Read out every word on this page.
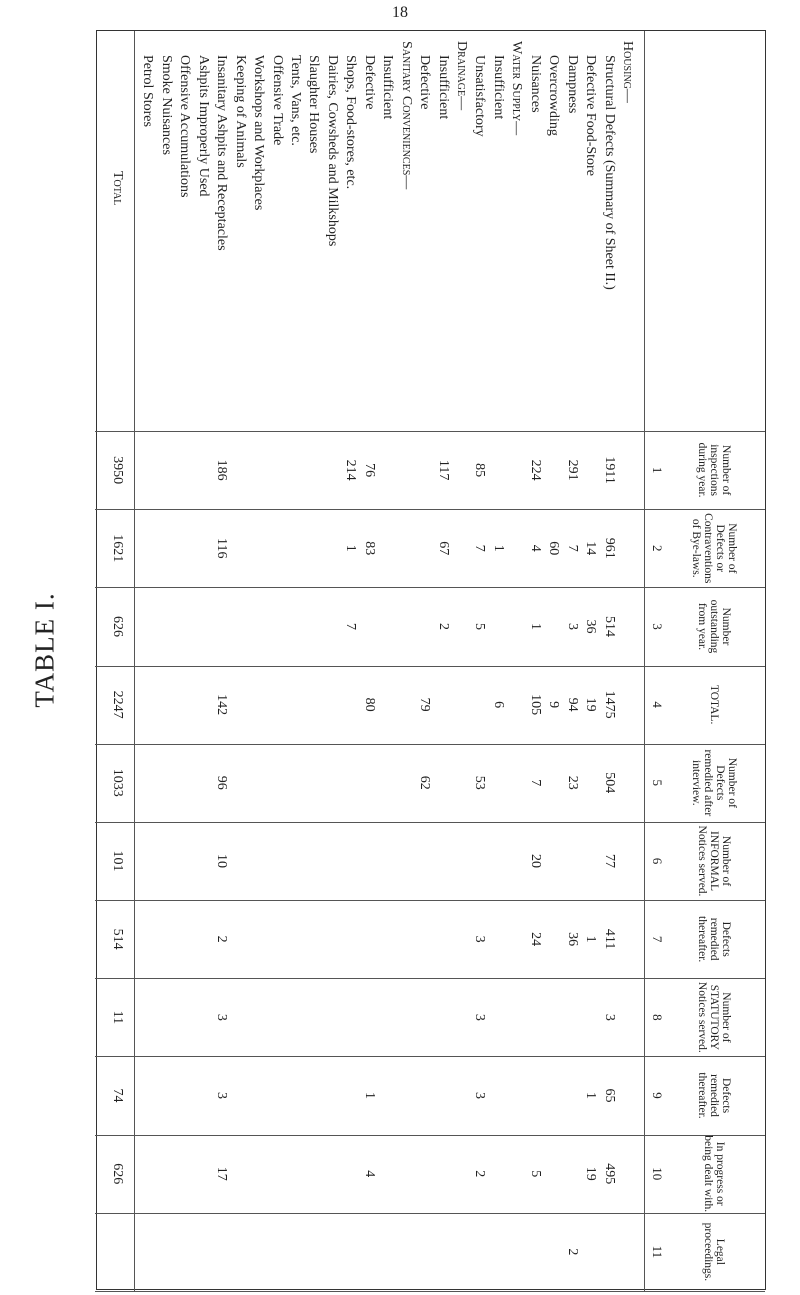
18
TABLE I.
Number of inspections during year.
1
Number of Defects or Contraventions of Bye-laws.
2
Number outstanding from year.
3
TOTAL.
4
Number of Defects remedied after interview.
5
Number of INFORMAL Notices served.
6
Defects remedied thereafter.
7
Number of STATUTORY Notices served.
8
Defects remedied thereafter.
9
In progress or being dealt with.
10
Legal proceedings.
11
Housing—
Structural Defects (Summary of Sheet II.)
1911
961
514
1475
504
77
411
3
65
495
Defective Food-Store
14
36
19
1
1
19
Dampness
291
7
3
94
23
36
2
Overcrowding
60
9
Nuisances
224
4
1
105
7
20
24
5
Water Supply—
Insufficient
1
6
Unsatisfactory
85
7
5
53
3
3
3
2
Drainage—
Insufficient
117
67
2
Defective
79
62
Sanitary Conveniences—
Insufficient
Defective
76
83
80
1
4
Shops, Food-stores, etc.
214
1
7
Dairies, Cowsheds and Milkshops
Slaughter Houses
Tents, Vans, etc.
Offensive Trade
Workshops and Workplaces
Keeping of Animals
Insanitary Ashpits and Receptacles
186
116
142
96
10
2
3
3
17
Ashpits Improperly Used
Offensive Accumulations
Smoke Nuisances
Petrol Stores
Total
3950
1621
626
2247
1033
101
514
11
74
626
